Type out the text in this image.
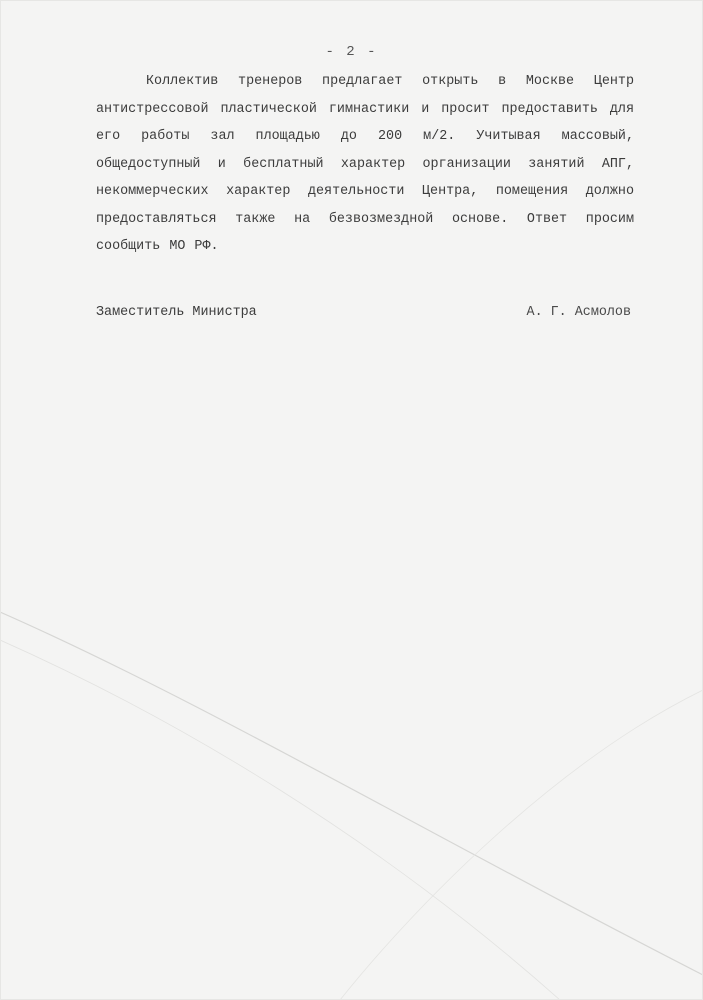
- 2 -

Коллектив тренеров предлагает открыть в Москве Центр антистрессовой пластической гимнастики и просит предоставить для его работы зал площадью до 200 м/2. Учитывая массовый, общедоступный и бесплатный характер организации занятий АПГ, некоммерческих характер деятельности Центра, помещения должно предоставляться также на безвозмездной основе. Ответ просим сообщить МО РФ.

Заместитель Министра	А. Г. Асмолов
